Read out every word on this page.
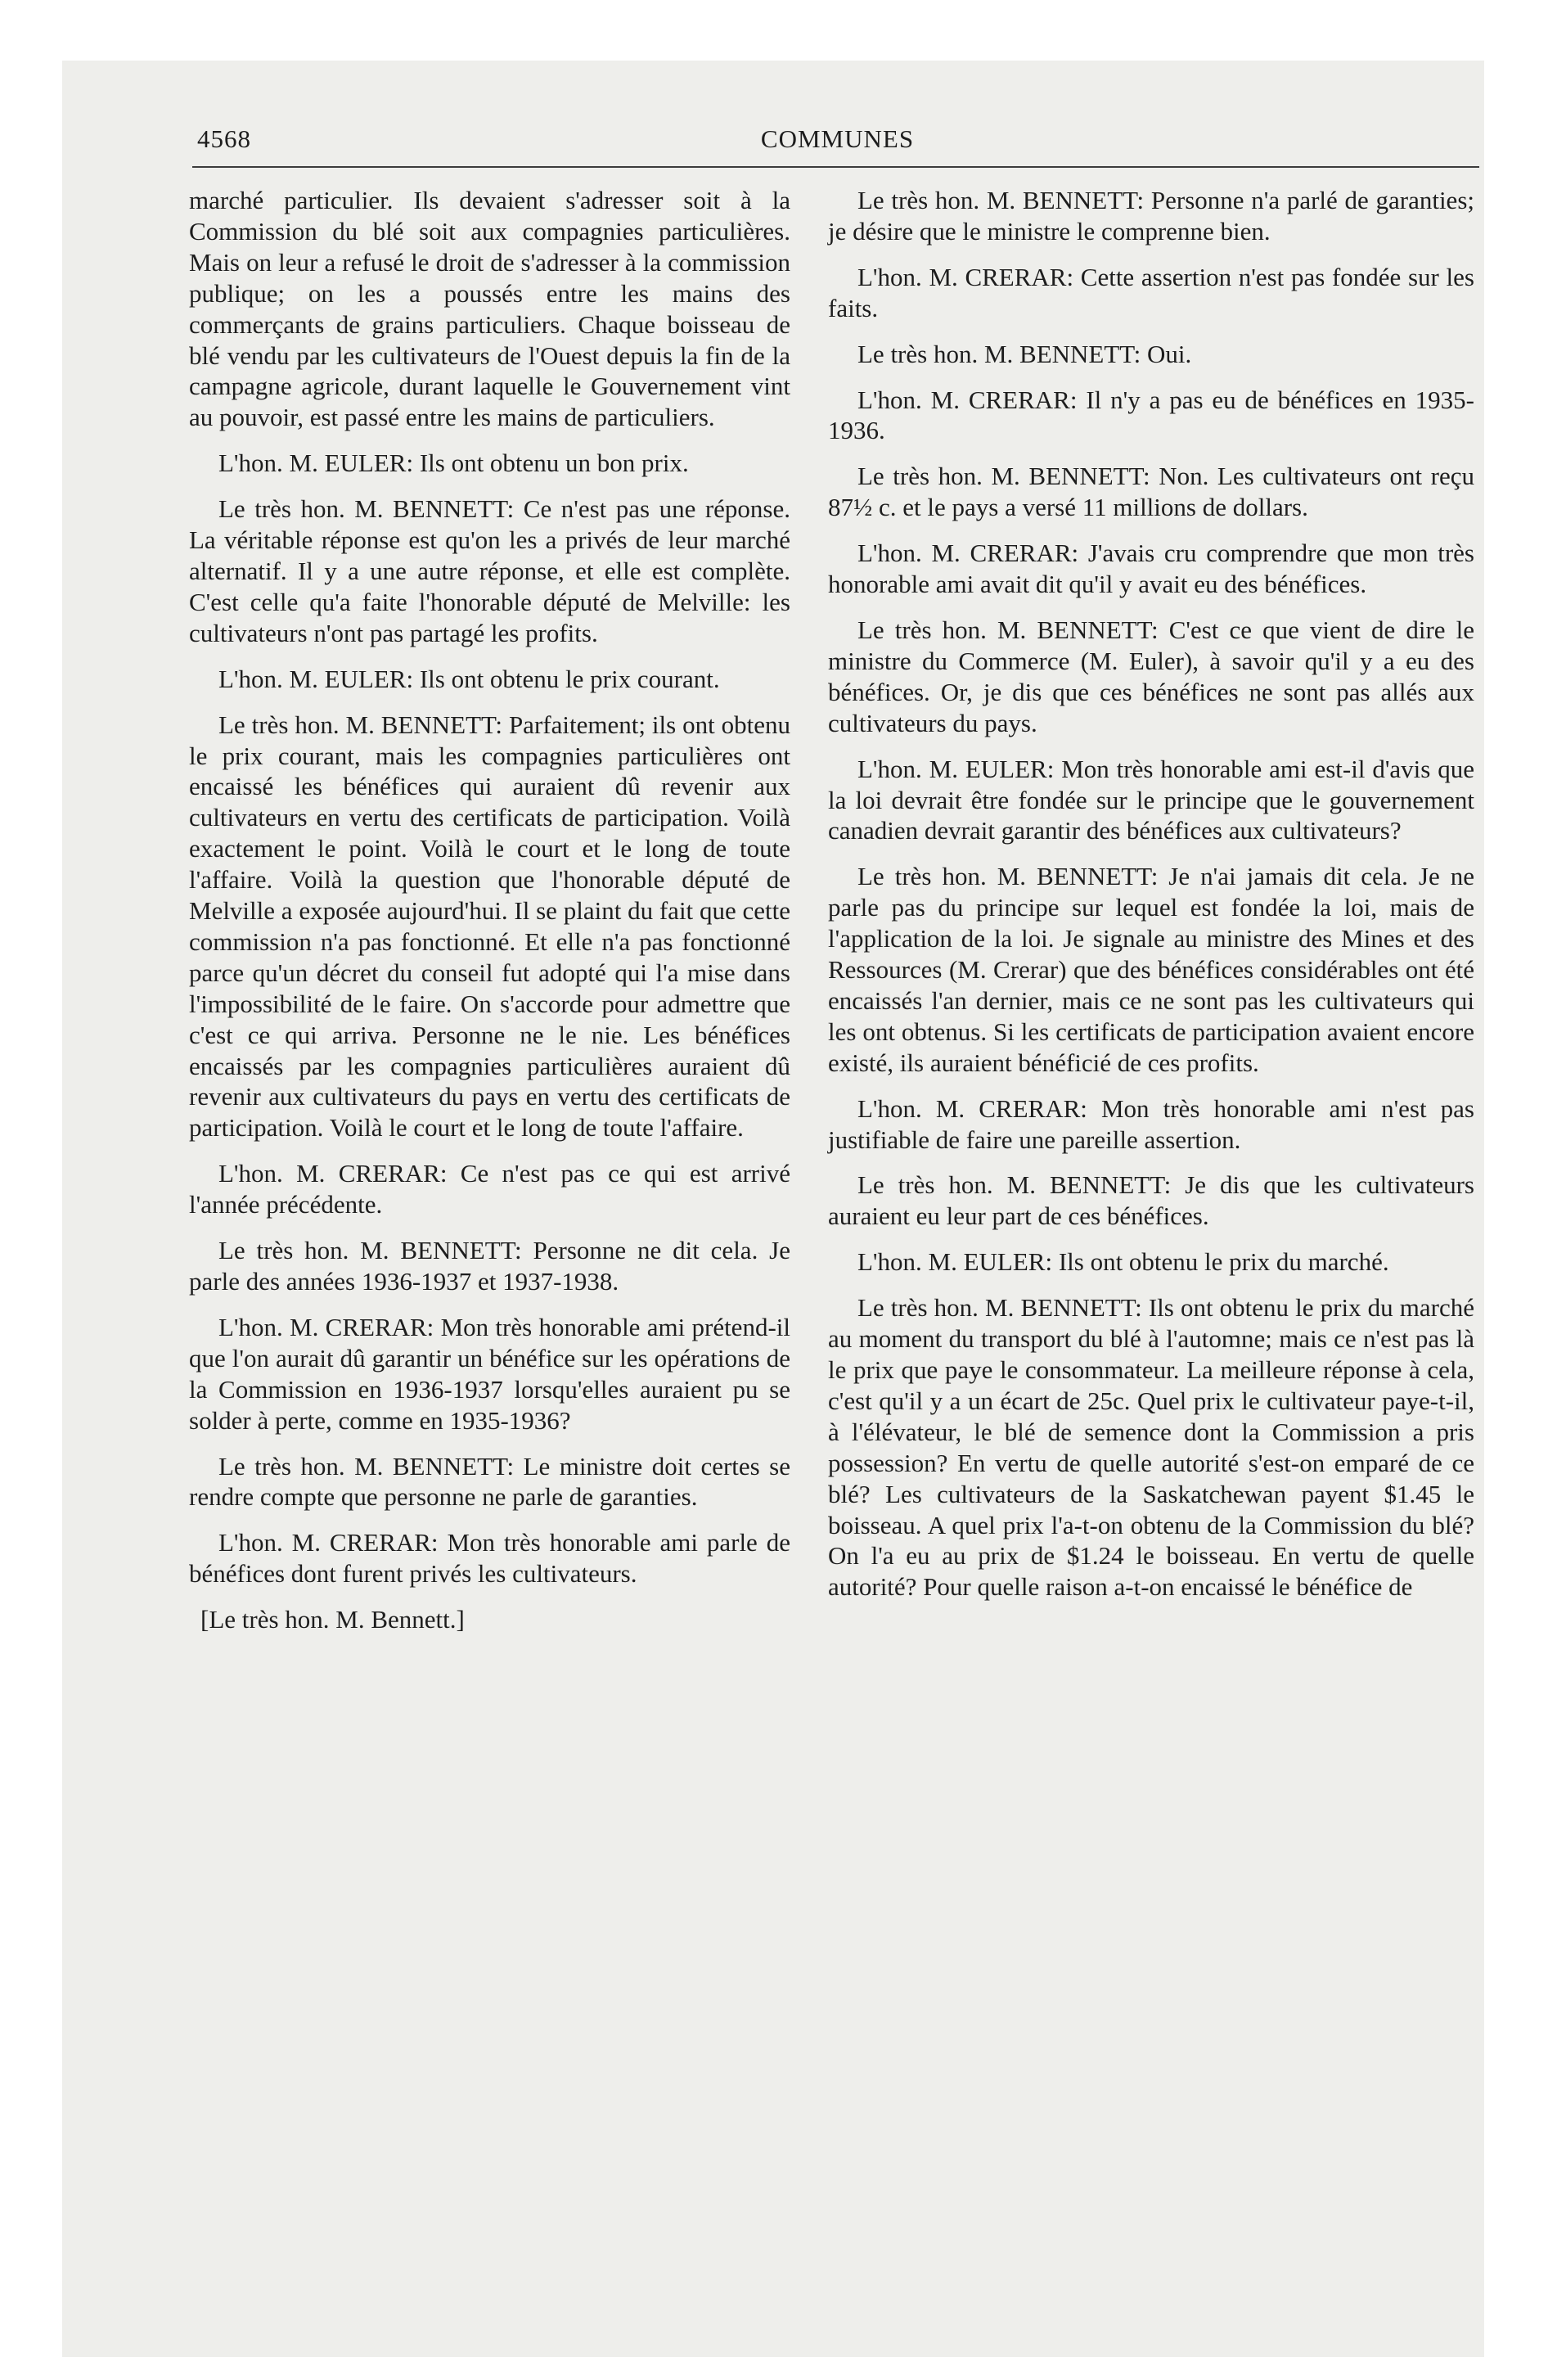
4568	COMMUNES

marché particulier. Ils devaient s'adresser soit à la Commission du blé soit aux compagnies particulières. Mais on leur a refusé le droit de s'adresser à la commission publique; on les a poussés entre les mains des commerçants de grains particuliers. Chaque boisseau de blé vendu par les cultivateurs de l'Ouest depuis la fin de la campagne agricole, durant laquelle le Gouvernement vint au pouvoir, est passé entre les mains de particuliers.

L'hon. M. EULER: Ils ont obtenu un bon prix.

Le très hon. M. BENNETT: Ce n'est pas une réponse. La véritable réponse est qu'on les a privés de leur marché alternatif. Il y a une autre réponse, et elle est complète. C'est celle qu'a faite l'honorable député de Melville: les cultivateurs n'ont pas partagé les profits.

L'hon. M. EULER: Ils ont obtenu le prix courant.

Le très hon. M. BENNETT: Parfaitement; ils ont obtenu le prix courant, mais les compagnies particulières ont encaissé les bénéfices qui auraient dû revenir aux cultivateurs en vertu des certificats de participation. Voilà exactement le point. Voilà le court et le long de toute l'affaire. Voilà la question que l'honorable député de Melville a exposée aujourd'hui. Il se plaint du fait que cette commission n'a pas fonctionné. Et elle n'a pas fonctionné parce qu'un décret du conseil fut adopté qui l'a mise dans l'impossibilité de le faire. On s'accorde pour admettre que c'est ce qui arriva. Personne ne le nie. Les bénéfices encaissés par les compagnies particulières auraient dû revenir aux cultivateurs du pays en vertu des certificats de participation. Voilà le court et le long de toute l'affaire.

L'hon. M. CRERAR: Ce n'est pas ce qui est arrivé l'année précédente.

Le très hon. M. BENNETT: Personne ne dit cela. Je parle des années 1936-1937 et 1937-1938.

L'hon. M. CRERAR: Mon très honorable ami prétend-il que l'on aurait dû garantir un bénéfice sur les opérations de la Commission en 1936-1937 lorsqu'elles auraient pu se solder à perte, comme en 1935-1936?

Le très hon. M. BENNETT: Le ministre doit certes se rendre compte que personne ne parle de garanties.

L'hon. M. CRERAR: Mon très honorable ami parle de bénéfices dont furent privés les cultivateurs.

[Le très hon. M. Bennett.]

Le très hon. M. BENNETT: Personne n'a parlé de garanties; je désire que le ministre le comprenne bien.

L'hon. M. CRERAR: Cette assertion n'est pas fondée sur les faits.

Le très hon. M. BENNETT: Oui.

L'hon. M. CRERAR: Il n'y a pas eu de bénéfices en 1935-1936.

Le très hon. M. BENNETT: Non. Les cultivateurs ont reçu 87½ c. et le pays a versé 11 millions de dollars.

L'hon. M. CRERAR: J'avais cru comprendre que mon très honorable ami avait dit qu'il y avait eu des bénéfices.

Le très hon. M. BENNETT: C'est ce que vient de dire le ministre du Commerce (M. Euler), à savoir qu'il y a eu des bénéfices. Or, je dis que ces bénéfices ne sont pas allés aux cultivateurs du pays.

L'hon. M. EULER: Mon très honorable ami est-il d'avis que la loi devrait être fondée sur le principe que le gouvernement canadien devrait garantir des bénéfices aux cultivateurs?

Le très hon. M. BENNETT: Je n'ai jamais dit cela. Je ne parle pas du principe sur lequel est fondée la loi, mais de l'application de la loi. Je signale au ministre des Mines et des Ressources (M. Crerar) que des bénéfices considérables ont été encaissés l'an dernier, mais ce ne sont pas les cultivateurs qui les ont obtenus. Si les certificats de participation avaient encore existé, ils auraient bénéficié de ces profits.

L'hon. M. CRERAR: Mon très honorable ami n'est pas justifiable de faire une pareille assertion.

Le très hon. M. BENNETT: Je dis que les cultivateurs auraient eu leur part de ces bénéfices.

L'hon. M. EULER: Ils ont obtenu le prix du marché.

Le très hon. M. BENNETT: Ils ont obtenu le prix du marché au moment du transport du blé à l'automne; mais ce n'est pas là le prix que paye le consommateur. La meilleure réponse à cela, c'est qu'il y a un écart de 25c. Quel prix le cultivateur paye-t-il, à l'élévateur, le blé de semence dont la Commission a pris possession? En vertu de quelle autorité s'est-on emparé de ce blé? Les cultivateurs de la Saskatchewan payent $1.45 le boisseau. A quel prix l'a-t-on obtenu de la Commission du blé? On l'a eu au prix de $1.24 le boisseau. En vertu de quelle autorité? Pour quelle raison a-t-on encaissé le bénéfice de
